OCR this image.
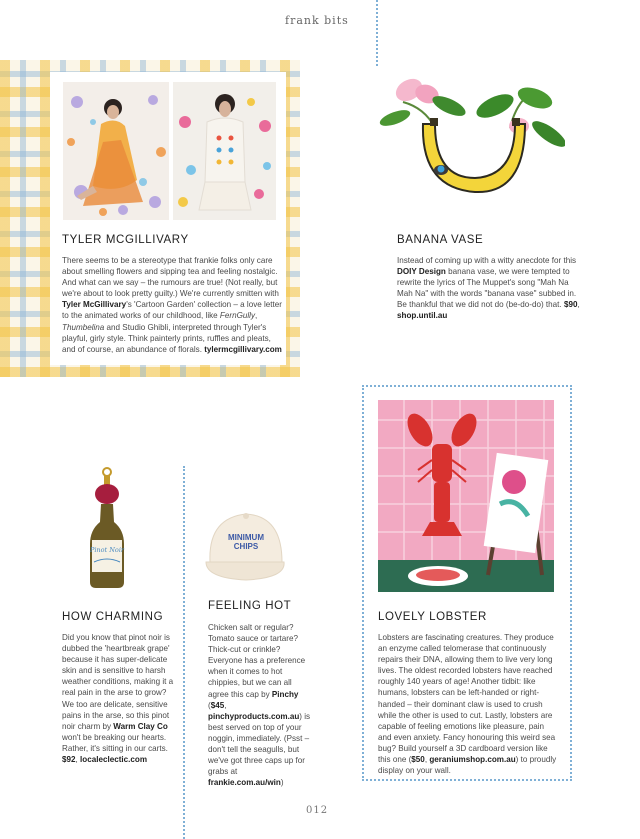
frank bits
012
TYLER MCGILLIVARY

There seems to be a stereotype that frankie folks only care about smelling flowers and sipping tea and feeling nostalgic. And what can we say – the rumours are true! (Not really, but we're about to look pretty guilty.) We're currently smitten with Tyler McGillivary's 'Cartoon Garden' collection – a love letter to the animated works of our childhood, like FernGully, Thumbelina and Studio Ghibli, interpreted through Tyler's playful, girly style. Think painterly prints, ruffles and pleats, and of course, an abundance of florals. tylermcgillivary.com

BANANA VASE

Instead of coming up with a witty anecdote for this DOIY Design banana vase, we were tempted to rewrite the lyrics of The Muppet's song "Mah Na Mah Na" with the words "banana vase" subbed in. Be thankful that we did not do (be-do-do) that. $90, shop.until.au

Pinot Noir
HOW CHARMING

Did you know that pinot noir is dubbed the 'heartbreak grape' because it has super-delicate skin and is sensitive to harsh weather conditions, making it a real pain in the arse to grow? We too are delicate, sensitive pains in the arse, so this pinot noir charm by Warm Clay Co won't be breaking our hearts. Rather, it's sitting in our carts. $92, localeclectic.com

MINIMUM
CHIPS
FEELING HOT

Chicken salt or regular? Tomato sauce or tartare? Thick-cut or crinkle? Everyone has a preference when it comes to hot chippies, but we can all agree this cap by Pinchy ($45, pinchyproducts.com.au) is best served on top of your noggin, immediately. (Psst – don't tell the seagulls, but we've got three caps up for grabs at frankie.com.au/win)

LOVELY LOBSTER

Lobsters are fascinating creatures. They produce an enzyme called telomerase that continuously repairs their DNA, allowing them to live very long lives. The oldest recorded lobsters have reached roughly 140 years of age! Another tidbit: like humans, lobsters can be left-handed or right-handed – their dominant claw is used to crush while the other is used to cut. Lastly, lobsters are capable of feeling emotions like pleasure, pain and even anxiety. Fancy honouring this weird sea bug? Build yourself a 3D cardboard version like this one ($50, geraniumshop.com.au) to proudly display on your wall.
